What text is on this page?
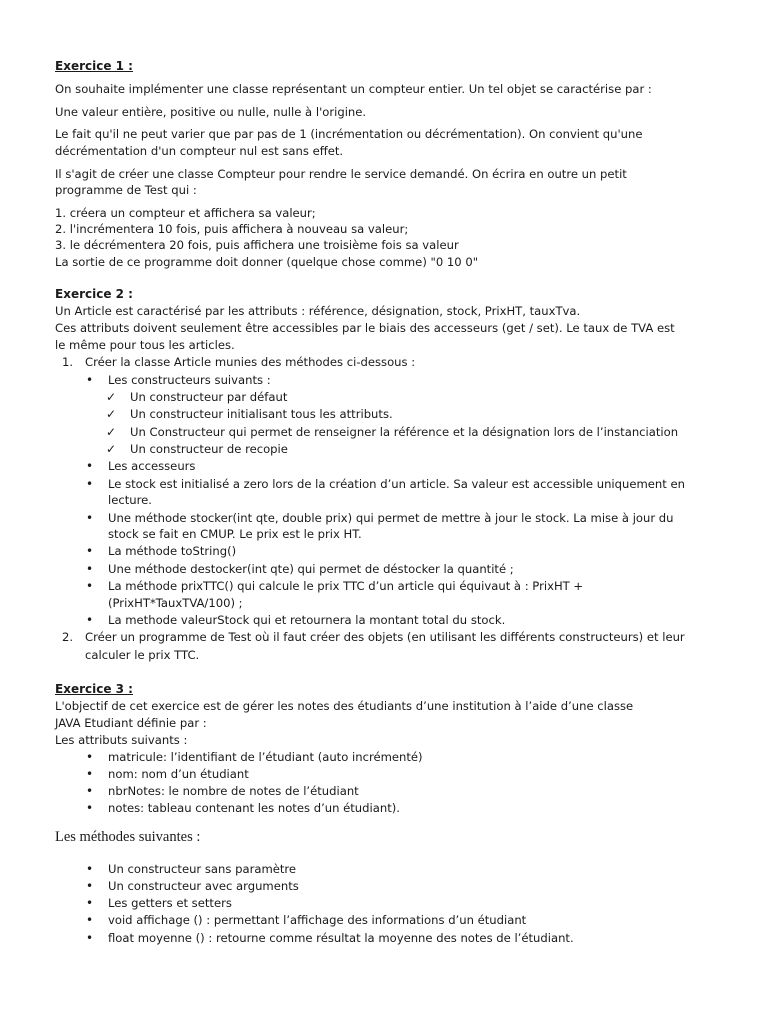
Exercice 1 :
On souhaite implémenter une classe représentant un compteur entier. Un tel objet se caractérise par :
Une valeur entière, positive ou nulle, nulle à l'origine.
Le fait qu'il ne peut varier que par pas de 1 (incrémentation ou décrémentation). On convient qu'une
décrémentation d'un compteur nul est sans effet.
Il s'agit de créer une classe Compteur pour rendre le service demandé. On écrira en outre un petit
programme de Test qui :
1. créera un compteur et affichera sa valeur;
2. l'incrémentera 10 fois, puis affichera à nouveau sa valeur;
3. le décrémentera 20 fois, puis affichera une troisième fois sa valeur
La sortie de ce programme doit donner (quelque chose comme) "0 10 0"
Exercice 2 :
Un Article est caractérisé par les attributs : référence, désignation, stock, PrixHT, tauxTva.
Ces attributs doivent seulement être accessibles par le biais des accesseurs (get / set). Le taux de TVA est
le même pour tous les articles.
1. Créer la classe Article munies des méthodes ci-dessous :
• Les constructeurs suivants :
✓ Un constructeur par défaut
✓ Un constructeur initialisant tous les attributs.
✓ Un Constructeur qui permet de renseigner la référence et la désignation lors de l’instanciation
✓ Un constructeur de recopie
• Les accesseurs
• Le stock est initialisé a zero lors de la création d’un article. Sa valeur est accessible uniquement en
lecture.
• Une méthode stocker(int qte, double prix) qui permet de mettre à jour le stock. La mise à jour du
stock se fait en CMUP. Le prix est le prix HT.
• La méthode toString()
• Une méthode destocker(int qte) qui permet de déstocker la quantité ;
• La méthode prixTTC() qui calcule le prix TTC d’un article qui équivaut à : PrixHT +
(PrixHT*TauxTVA/100) ;
• La methode valeurStock qui et retournera la montant total du stock.
2. Créer un programme de Test où il faut créer des objets (en utilisant les différents constructeurs) et leur
calculer le prix TTC.
Exercice 3 :
L'objectif de cet exercice est de gérer les notes des étudiants d’une institution à l’aide d’une classe
JAVA Etudiant définie par :
Les attributs suivants :
• matricule: l’identifiant de l’étudiant (auto incrémenté)
• nom: nom d’un étudiant
• nbrNotes: le nombre de notes de l’étudiant
• notes: tableau contenant les notes d’un étudiant).
Les méthodes suivantes :
• Un constructeur sans paramètre
• Un constructeur avec arguments
• Les getters et setters
• void affichage () : permettant l’affichage des informations d’un étudiant
• float moyenne () : retourne comme résultat la moyenne des notes de l’étudiant.
